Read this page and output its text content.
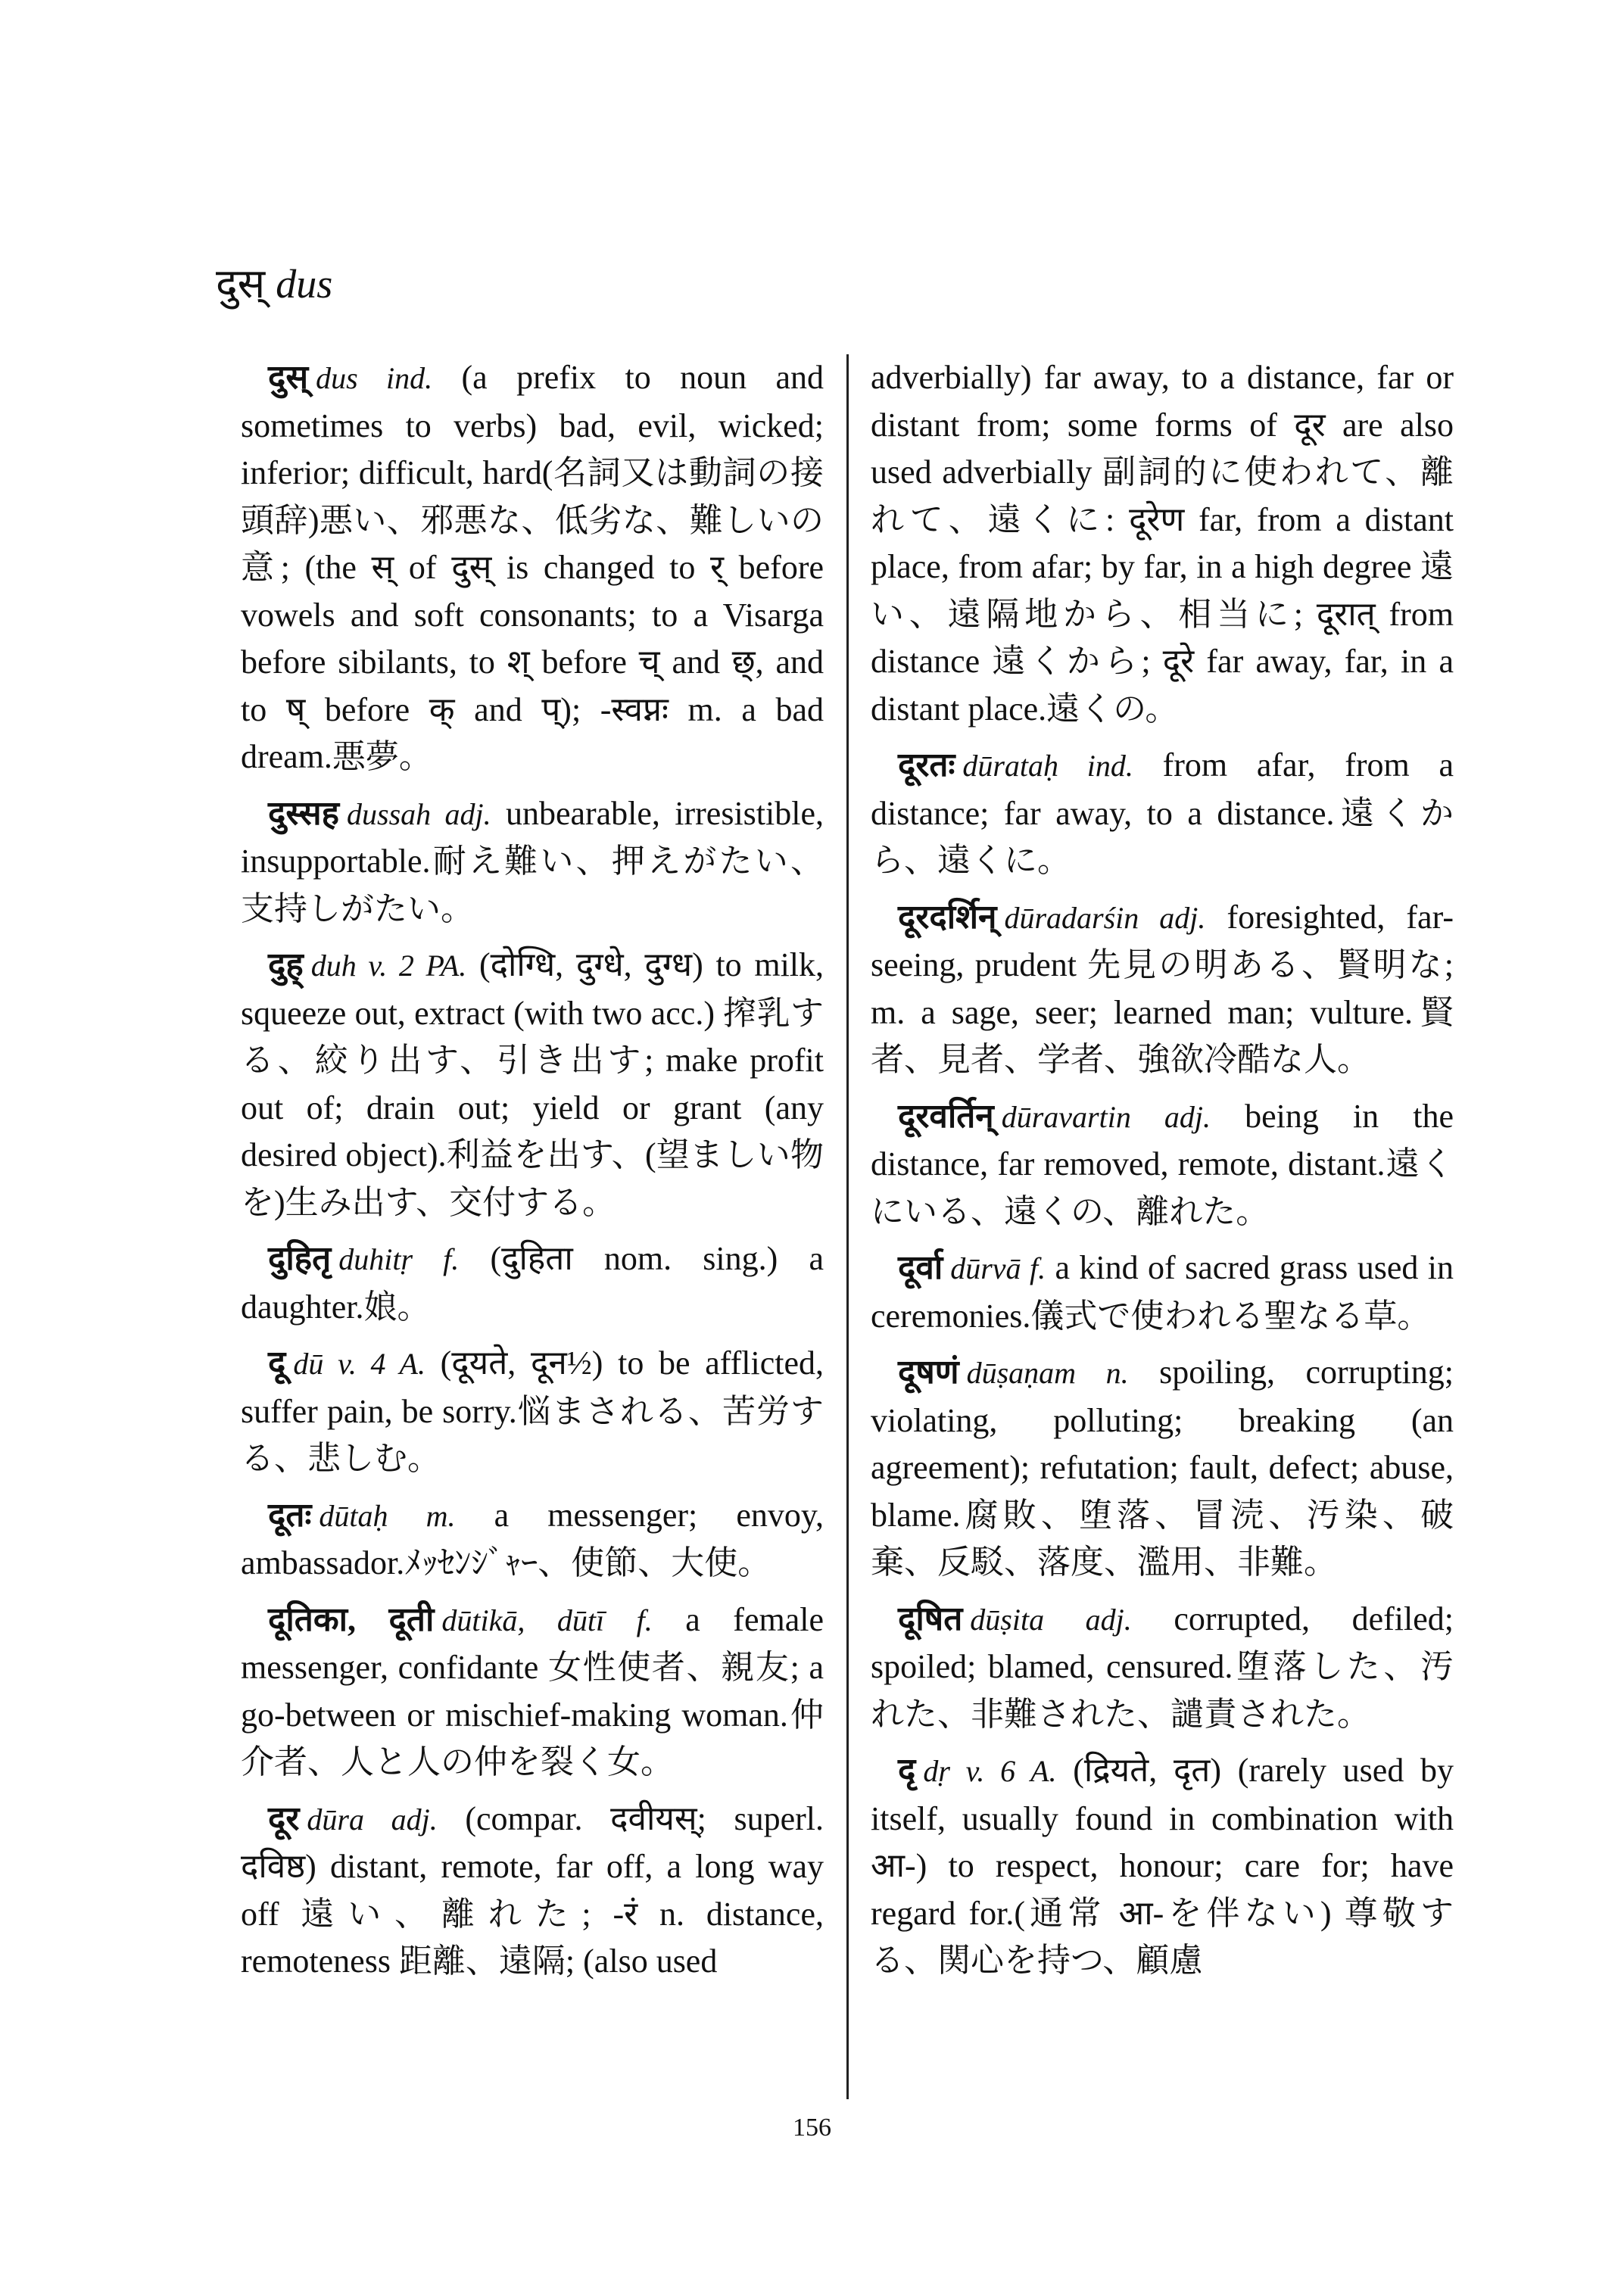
दुस् dus

दुस् dus ind. (a prefix to noun and sometimes to verbs) bad, evil, wicked; inferior; difficult, hard(名詞又は動詞の接頭辞)悪い、邪悪な、低劣な、難しいの意; (the स् of दुस् is changed to र् before vowels and soft consonants; to a Visarga before sibilants, to श् before च् and छ्, and to ष् before क् and प्); -स्वप्नः m. a bad dream.悪夢。

दुस्सह dussah adj. unbearable, irresistible, insupportable.耐え難い、押えがたい、支持しがたい。

दुह् duh v. 2 PA. (दोग्धि, दुग्धे, दुग्ध) to milk, squeeze out, extract (with two acc.) 搾乳する、絞り出す、引き出す; make profit out of; drain out; yield or grant (any desired object).利益を出す、(望ましい物を)生み出す、交付する。

दुहितृ duhitṛ f. (दुहिता nom. sing.) a daughter.娘。

दू dū v. 4 A. (दूयते, दून½) to be afflicted, suffer pain, be sorry.悩まされる、苦労する、悲しむ。

दूतः dūtaḥ m. a messenger; envoy, ambassador.ﾒｯｾﾝｼﾞｬｰ、使節、大使。

दूतिका, दूती dūtikā, dūtī f. a female messenger, confidante 女性使者、親友; a go-between or mischief-making woman.仲介者、人と人の仲を裂く女。

दूर dūra adj. (compar. दवीयस्; superl. दविष्ठ) distant, remote, far off, a long way off 遠い、離れた; -रं n. distance, remoteness 距離、遠隔; (also used

adverbially) far away, to a distance, far or distant from; some forms of दूर are also used adverbially 副詞的に使われて、離れて、遠くに: दूरेण far, from a distant place, from afar; by far, in a high degree 遠い、遠隔地から、相当に; दूरात् from distance 遠くから; दूरे far away, far, in a distant place.遠くの。

दूरतः dūrataḥ ind. from afar, from a distance; far away, to a distance.遠くから、遠くに。

दूरदर्शिन् dūradarśin adj. foresighted, far-seeing, prudent 先見の明ある、賢明な; m. a sage, seer; learned man; vulture.賢者、見者、学者、強欲冷酷な人。

दूरवर्तिन् dūravartin adj. being in the distance, far removed, remote, distant.遠くにいる、遠くの、離れた。

दूर्वा dūrvā f. a kind of sacred grass used in ceremonies.儀式で使われる聖なる草。

दूषणं dūṣaṇam n. spoiling, corrupting; violating, polluting; breaking (an agreement); refutation; fault, defect; abuse, blame.腐敗、堕落、冒涜、汚染、破棄、反駁、落度、濫用、非難。

दूषित dūṣita adj. corrupted, defiled; spoiled; blamed, censured.堕落した、汚れた、非難された、譴責された。

दृ dṛ v. 6 A. (द्रियते, दृत) (rarely used by itself, usually found in combination with आ-) to respect, honour; care for; have regard for.(通常 आ-を伴ない) 尊敬する、関心を持つ、顧慮

156
